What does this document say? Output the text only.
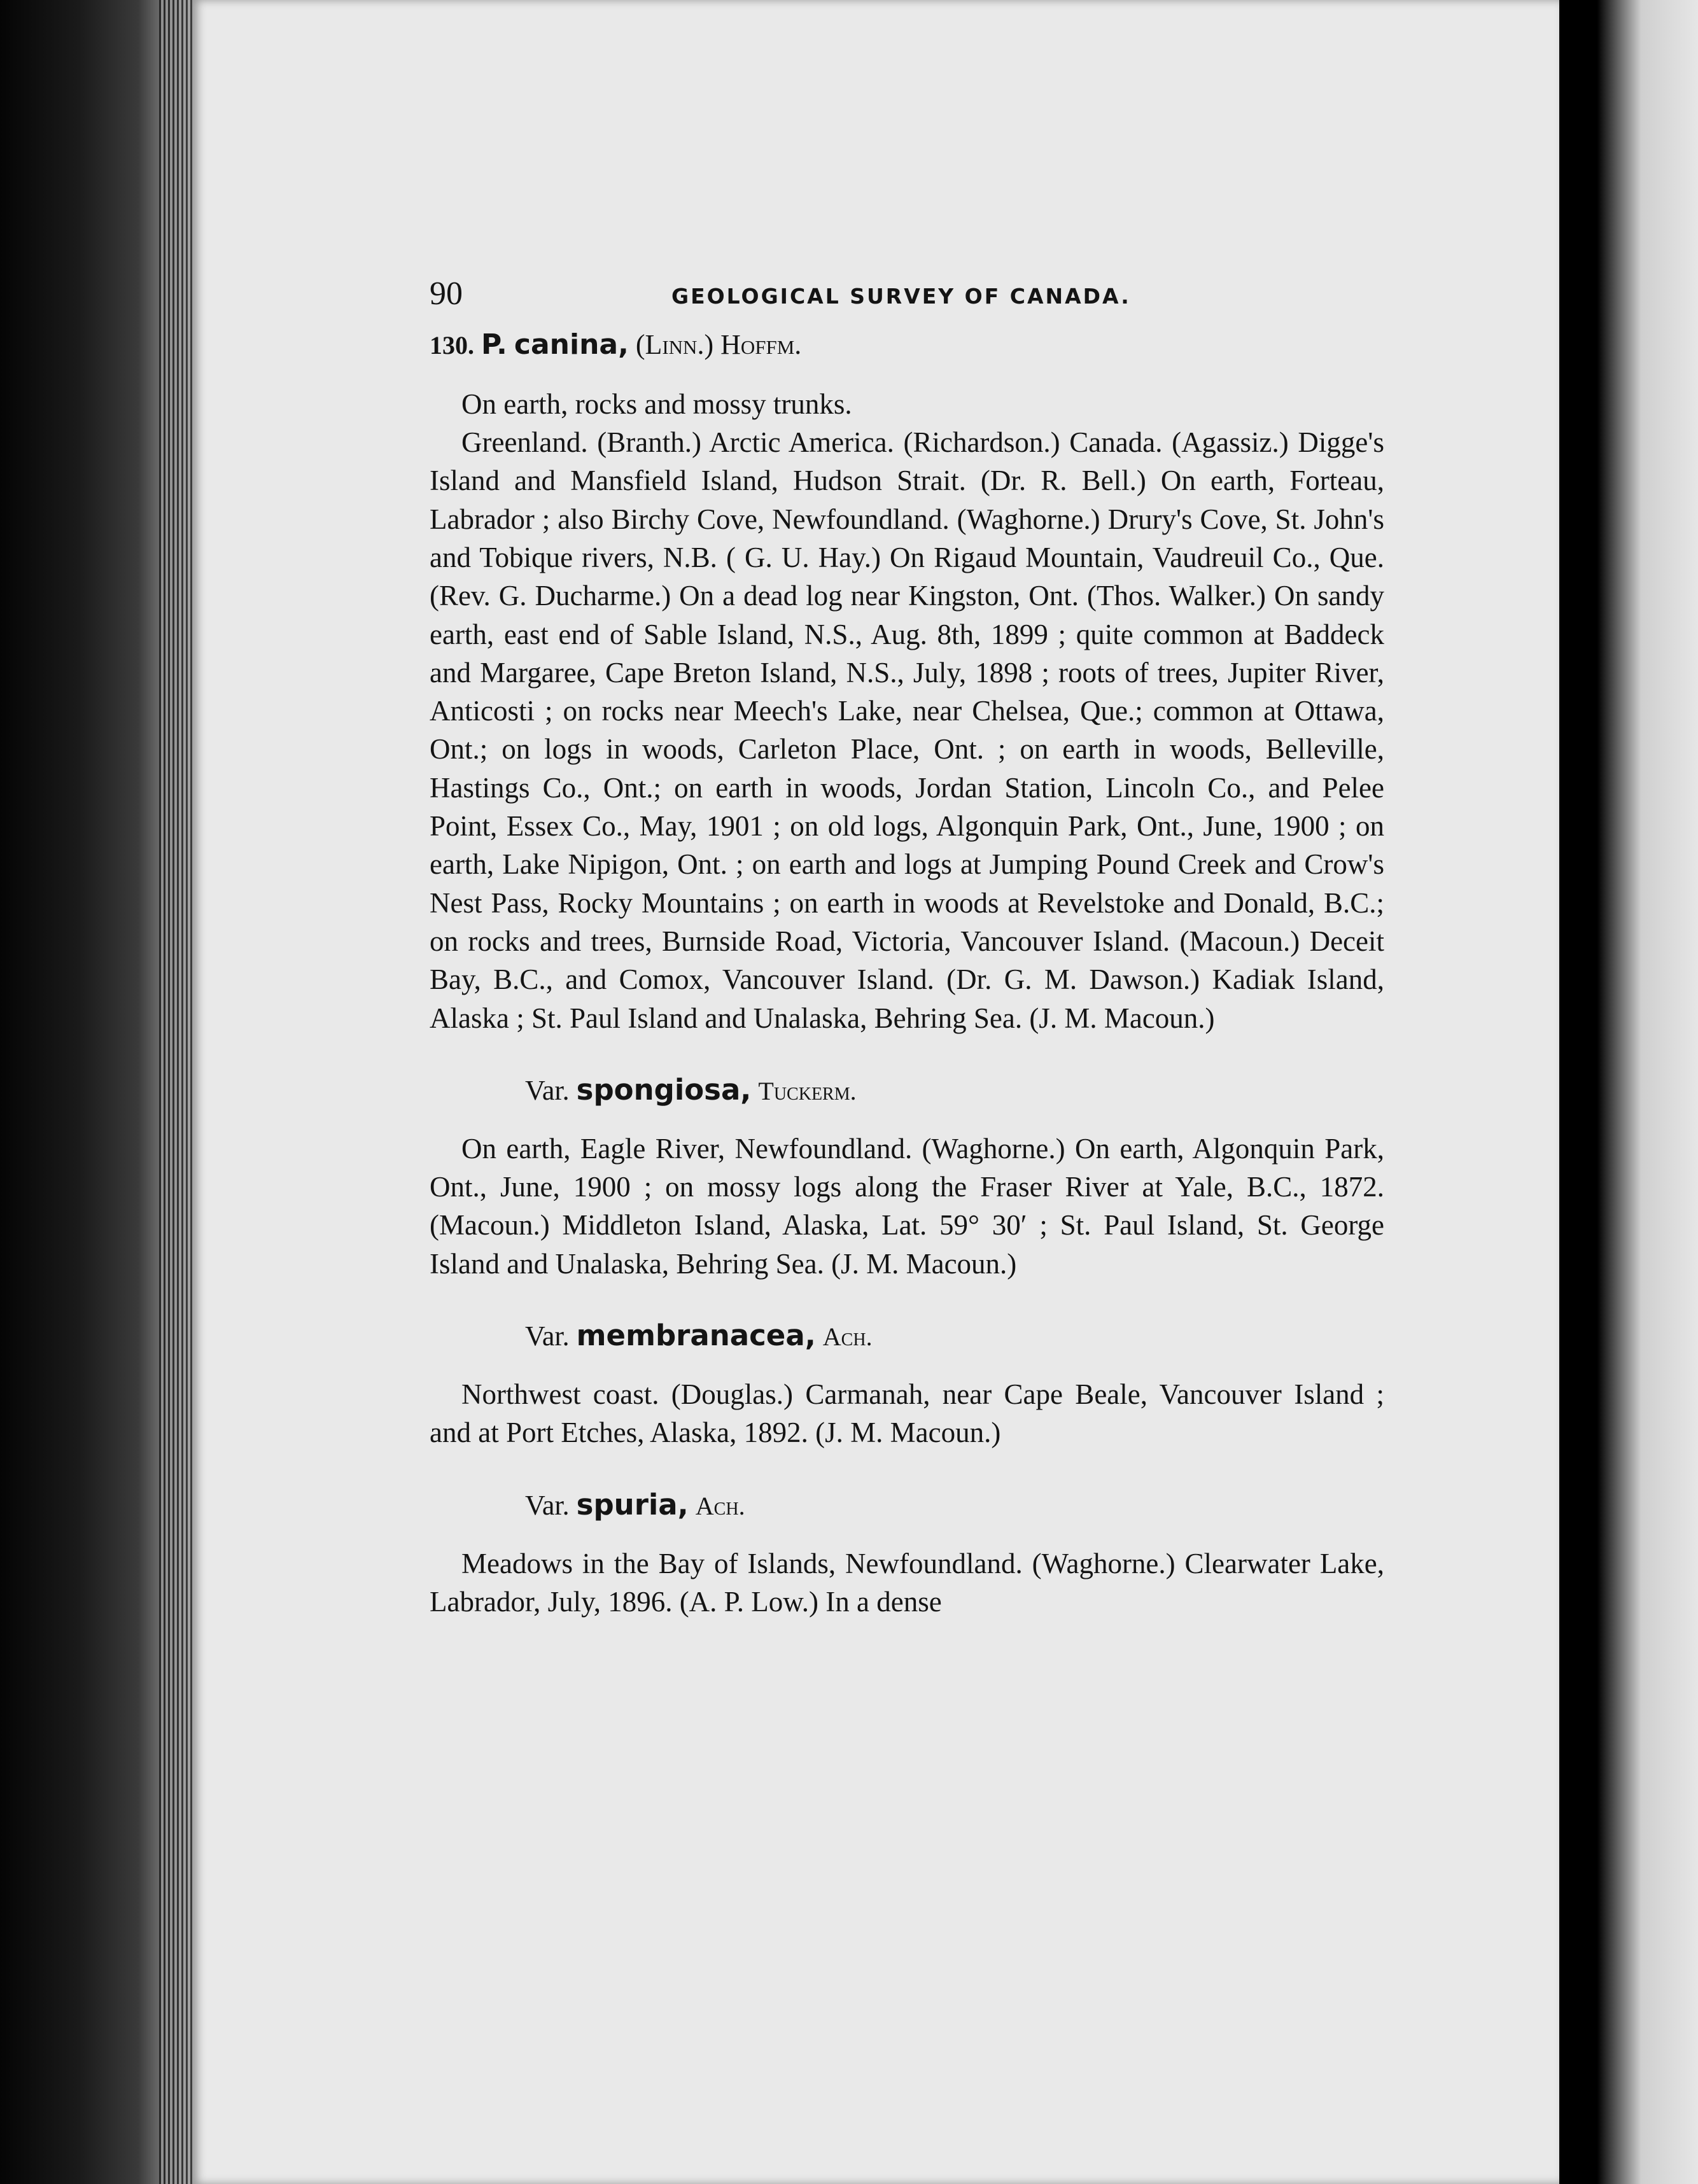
90	GEOLOGICAL SURVEY OF CANADA.
130. P. canina, (Linn.) Hoffm.

On earth, rocks and mossy trunks.

Greenland. (Branth.) Arctic America. (Richardson.) Canada. (Agassiz.) Digge's Island and Mansfield Island, Hudson Strait. (Dr. R. Bell.) On earth, Forteau, Labrador ; also Birchy Cove, Newfoundland. (Waghorne.) Drury's Cove, St. John's and Tobique rivers, N.B. ( G. U. Hay.) On Rigaud Mountain, Vaudreuil Co., Que. (Rev. G. Ducharme.) On a dead log near Kingston, Ont. (Thos. Walker.) On sandy earth, east end of Sable Island, N.S., Aug. 8th, 1899 ; quite common at Baddeck and Margaree, Cape Breton Island, N.S., July, 1898 ; roots of trees, Jupiter River, Anticosti ; on rocks near Meech's Lake, near Chelsea, Que.; common at Ottawa, Ont.; on logs in woods, Carleton Place, Ont. ; on earth in woods, Belleville, Hastings Co., Ont.; on earth in woods, Jordan Station, Lincoln Co., and Pelee Point, Essex Co., May, 1901 ; on old logs, Algonquin Park, Ont., June, 1900 ; on earth, Lake Nipigon, Ont. ; on earth and logs at Jumping Pound Creek and Crow's Nest Pass, Rocky Mountains ; on earth in woods at Revelstoke and Donald, B.C.; on rocks and trees, Burnside Road, Victoria, Vancouver Island. (Macoun.) Deceit Bay, B.C., and Comox, Vancouver Island. (Dr. G. M. Dawson.) Kadiak Island, Alaska ; St. Paul Island and Unalaska, Behring Sea. (J. M. Macoun.)

Var. spongiosa, Tuckerm.

On earth, Eagle River, Newfoundland. (Waghorne.) On earth, Algonquin Park, Ont., June, 1900 ; on mossy logs along the Fraser River at Yale, B.C., 1872. (Macoun.) Middleton Island, Alaska, Lat. 59° 30′ ; St. Paul Island, St. George Island and Unalaska, Behring Sea. (J. M. Macoun.)

Var. membranacea, Ach.

Northwest coast. (Douglas.) Carmanah, near Cape Beale, Vancouver Island ; and at Port Etches, Alaska, 1892. (J. M. Macoun.)

Var. spuria, Ach.

Meadows in the Bay of Islands, Newfoundland. (Waghorne.) Clearwater Lake, Labrador, July, 1896. (A. P. Low.) In a dense
